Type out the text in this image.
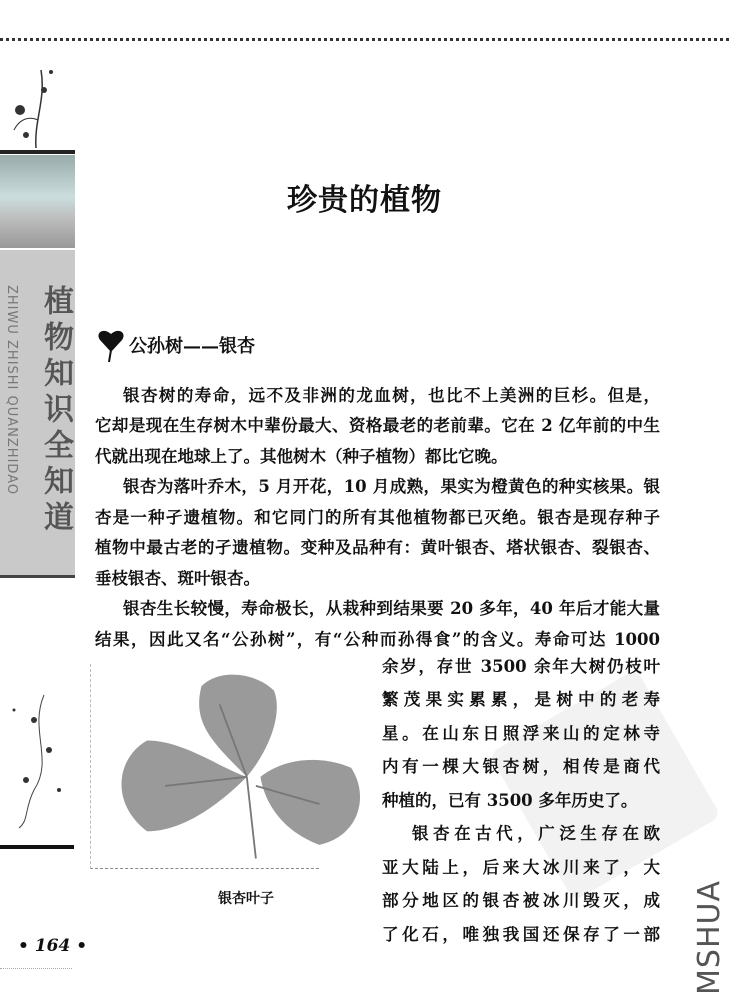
ZHIWU ZHISHI QUANZHIDAO 植物知识全知道
• 164 •
珍贵的植物
公孙树——银杏
银杏树的寿命，远不及非洲的龙血树，也比不上美洲的巨杉。但是，
它却是现在生存树木中辈份最大、资格最老的老前辈。它在 2 亿年前的中生
代就出现在地球上了。其他树木（种子植物）都比它晚。
银杏为落叶乔木，5 月开花，10 月成熟，果实为橙黄色的种实核果。银
杏是一种孑遗植物。和它同门的所有其他植物都已灭绝。银杏是现存种子
植物中最古老的孑遗植物。变种及品种有：黄叶银杏、塔状银杏、裂银杏、
垂枝银杏、斑叶银杏。
银杏生长较慢，寿命极长，从栽种到结果要 20 多年，40 年后才能大量
结果，因此又名“公孙树”，有“公种而孙得食”的含义。寿命可达 1000
银杏叶子
余岁，存世 3500 余年大树仍枝叶
繁茂果实累累，是树中的老寿
星。在山东日照浮来山的定林寺
内有一棵大银杏树，相传是商代
种植的，已有 3500 多年历史了。
银杏在古代，广泛生存在欧
亚大陆上，后来大冰川来了，大
部分地区的银杏被冰川毁灭，成
了化石，唯独我国还保存了一部 MSHUA
